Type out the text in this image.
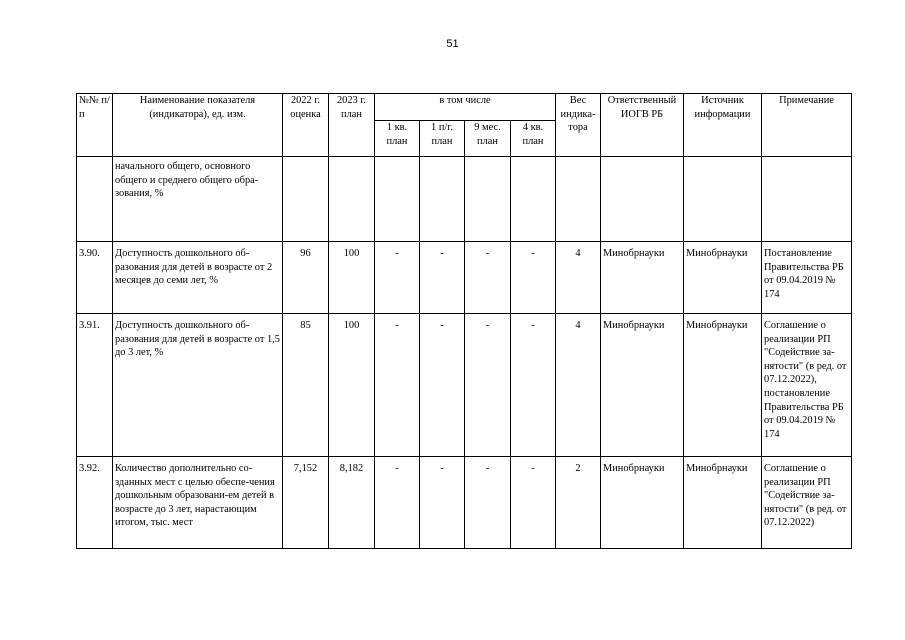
51
№№ п/п	Наименование показателя (индикатора), ед. изм.	2022 г. оценка	2023 г. план	в том числе				Вес индика-тора	Ответственный ИОГВ РБ	Источник информации	Примечание
				1 кв. план	1 п/г. план	9 мес. план	4 кв. план				
	начального общего, основного общего и среднего общего обра-зования, %										
3.90.	Доступность дошкольного об-разования для детей в возрасте от 2 месяцев до семи лет, %	96	100	-	-	-	-	4	Минобрнауки	Минобрнауки	Постановление Правительства РБ от 09.04.2019 № 174
3.91.	Доступность дошкольного об-разования для детей в возрасте от 1,5 до 3 лет, %	85	100	-	-	-	-	4	Минобрнауки	Минобрнауки	Соглашение о реализации РП "Содействие за-нятости" (в ред. от 07.12.2022), постановление Правительства РБ от 09.04.2019 № 174
3.92.	Количество дополнительно со-зданных мест с целью обеспе-чения дошкольным образовани-ем детей в возрасте до 3 лет, нарастающим итогом, тыс. мест	7,152	8,182	-	-	-	-	2	Минобрнауки	Минобрнауки	Соглашение о реализации РП "Содействие за-нятости" (в ред. от 07.12.2022)
